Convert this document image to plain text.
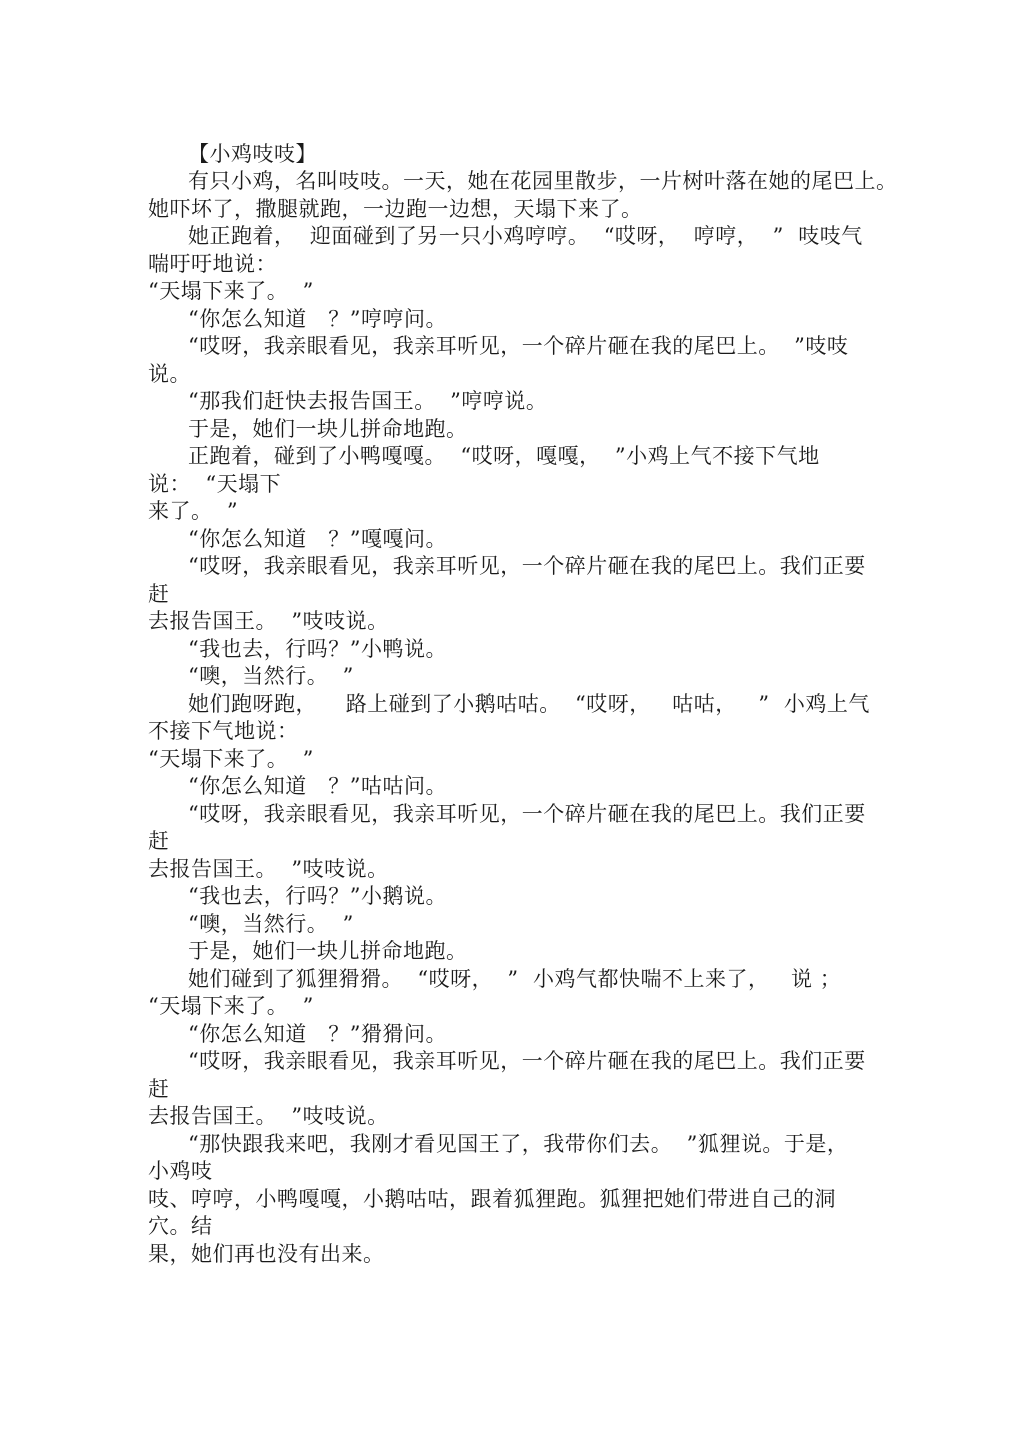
【小鸡吱吱】
有只小鸡，名叫吱吱。一天，她在花园里散步，一片树叶落在她的尾巴上。
她吓坏了，撒腿就跑，一边跑一边想，天塌下来了。
她正跑着，  迎面碰到了另一只小鸡哼哼。  “哎呀，  哼哼，  ”  吱吱气
喘吁吁地说：
“天塌下来了。  ”
“你怎么知道   ？”哼哼问。
“哎呀，我亲眼看见，我亲耳听见，一个碎片砸在我的尾巴上。  ”吱吱
说。
“那我们赶快去报告国王。  ”哼哼说。
于是，她们一块儿拼命地跑。
正跑着，碰到了小鸭嘎嘎。  “哎呀，嘎嘎，  ”小鸡上气不接下气地
说：  “天塌下
来了。  ”
“你怎么知道   ？”嘎嘎问。
“哎呀，我亲眼看见，我亲耳听见，一个碎片砸在我的尾巴上。我们正要
赶
去报告国王。  ”吱吱说。
“我也去，行吗？”小鸭说。
“噢，当然行。  ”
她们跑呀跑，    路上碰到了小鹅咕咕。  “哎呀，   咕咕，   ”  小鸡上气
不接下气地说：
“天塌下来了。  ”
“你怎么知道   ？”咕咕问。
“哎呀，我亲眼看见，我亲耳听见，一个碎片砸在我的尾巴上。我们正要
赶
去报告国王。  ”吱吱说。
“我也去，行吗？”小鹅说。
“噢，当然行。  ”
于是，她们一块儿拼命地跑。
她们碰到了狐狸猾猾。  “哎呀，  ”  小鸡气都快喘不上来了，   说 ；
“天塌下来了。  ”
“你怎么知道   ？”猾猾问。
“哎呀，我亲眼看见，我亲耳听见，一个碎片砸在我的尾巴上。我们正要
赶
去报告国王。  ”吱吱说。
“那快跟我来吧，我刚才看见国王了，我带你们去。  ”狐狸说。于是，
小鸡吱
吱、哼哼，小鸭嘎嘎，小鹅咕咕，跟着狐狸跑。狐狸把她们带进自己的洞
穴。结
果，她们再也没有出来。
